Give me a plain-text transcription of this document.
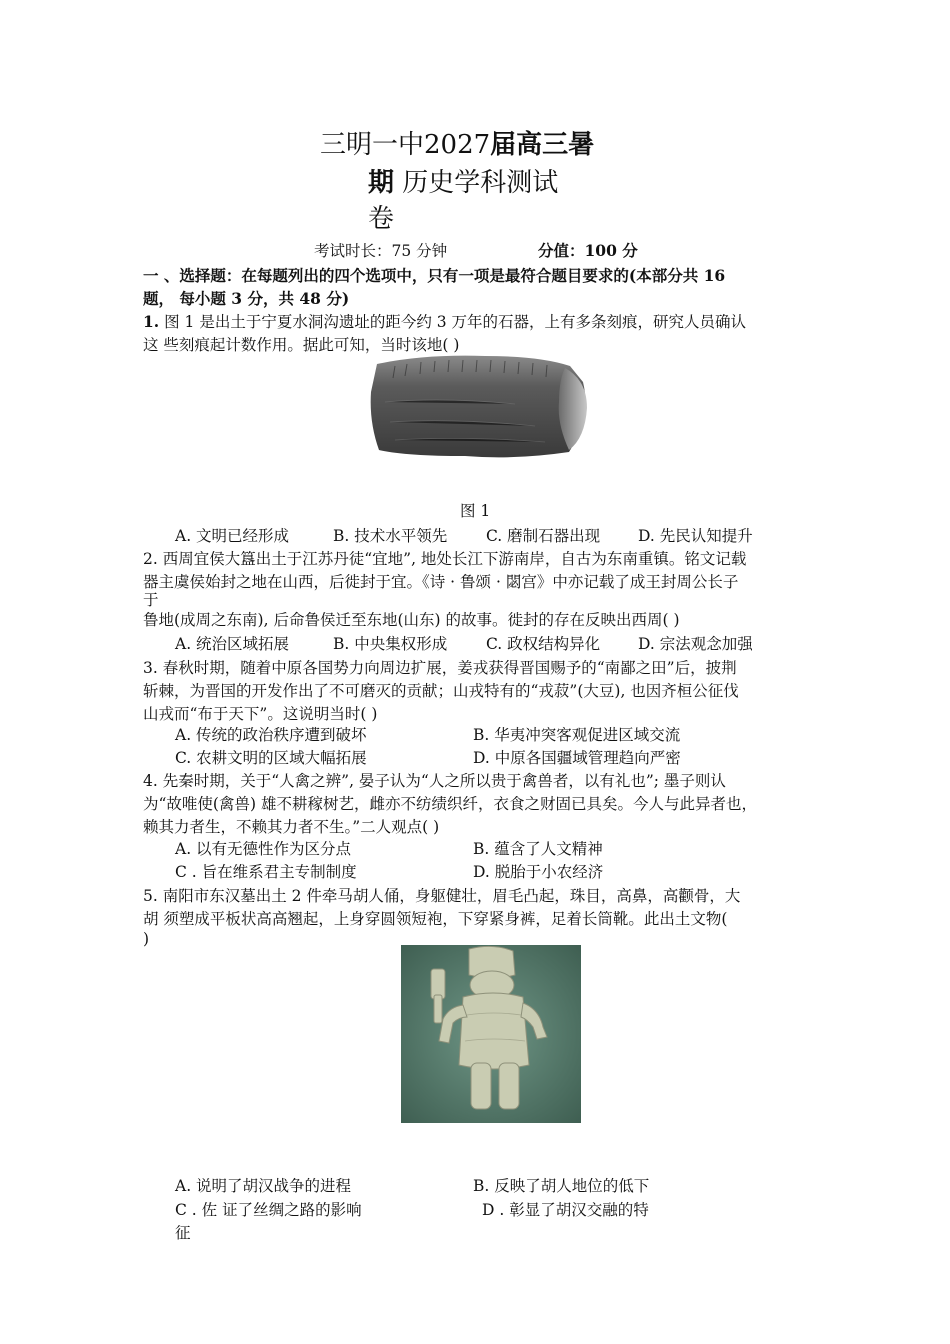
三明一中2027届高三暑
期 历史学科测试
卷
考试时长：75 分钟	分值：100 分
一 、选择题：在每题列出的四个选项中，只有一项是最符合题目要求的(本部分共 16
题， 每小题 3 分，共 48 分)
1. 图 1 是出土于宁夏水洞沟遗址的距今约 3 万年的石器，上有多条刻痕，研究人员确认
这 些刻痕起计数作用。据此可知，当时该地( )
图 1
A. 文明已经形成	B. 技术水平领先	C. 磨制石器出现 D. 先民认知提升
2. 西周宜侯大簋出土于江苏丹徒“宜地”, 地处长江下游南岸，自古为东南重镇。铭文记载
器主虞侯始封之地在山西，后徙封于宜。《诗 · 鲁颂 · 閟宫》中亦记载了成王封周公长子
于
鲁地(成周之东南), 后命鲁侯迁至东地(山东) 的故事。徙封的存在反映出西周( )
A. 统治区域拓展	B. 中央集权形成	C. 政权结构异化 D. 宗法观念加强
3. 春秋时期，随着中原各国势力向周边扩展，姜戎获得晋国赐予的“南鄙之田”后，披荆
斩棘，为晋国的开发作出了不可磨灭的贡献；山戎特有的“戎菽”(大豆), 也因齐桓公征伐
山戎而“布于天下”。这说明当时( )
A. 传统的政治秩序遭到破坏	B. 华夷冲突客观促进区域交流
C. 农耕文明的区域大幅拓展	D. 中原各国疆域管理趋向严密
4. 先秦时期，关于“人禽之辨”, 晏子认为“人之所以贵于禽兽者，以有礼也”; 墨子则认
为“故唯使(禽兽) 雄不耕稼树艺，雌亦不纺绩织纤，衣食之财固已具矣。今人与此异者也，
赖其力者生，不赖其力者不生。”二人观点( )
A. 以有无德性作为区分点	B. 蕴含了人文精神
C . 旨在维系君主专制制度	D. 脱胎于小农经济
5. 南阳市东汉墓出土 2 件牵马胡人俑，身躯健壮，眉毛凸起，珠目，高鼻，高颧骨，大
胡 须塑成平板状高高翘起，上身穿圆领短袍，下穿紧身裤，足着长筒靴。此出土文物(
)
A. 说明了胡汉战争的进程	B. 反映了胡人地位的低下
C . 佐 证了丝绸之路的影响	D . 彰显了胡汉交融的特
征
